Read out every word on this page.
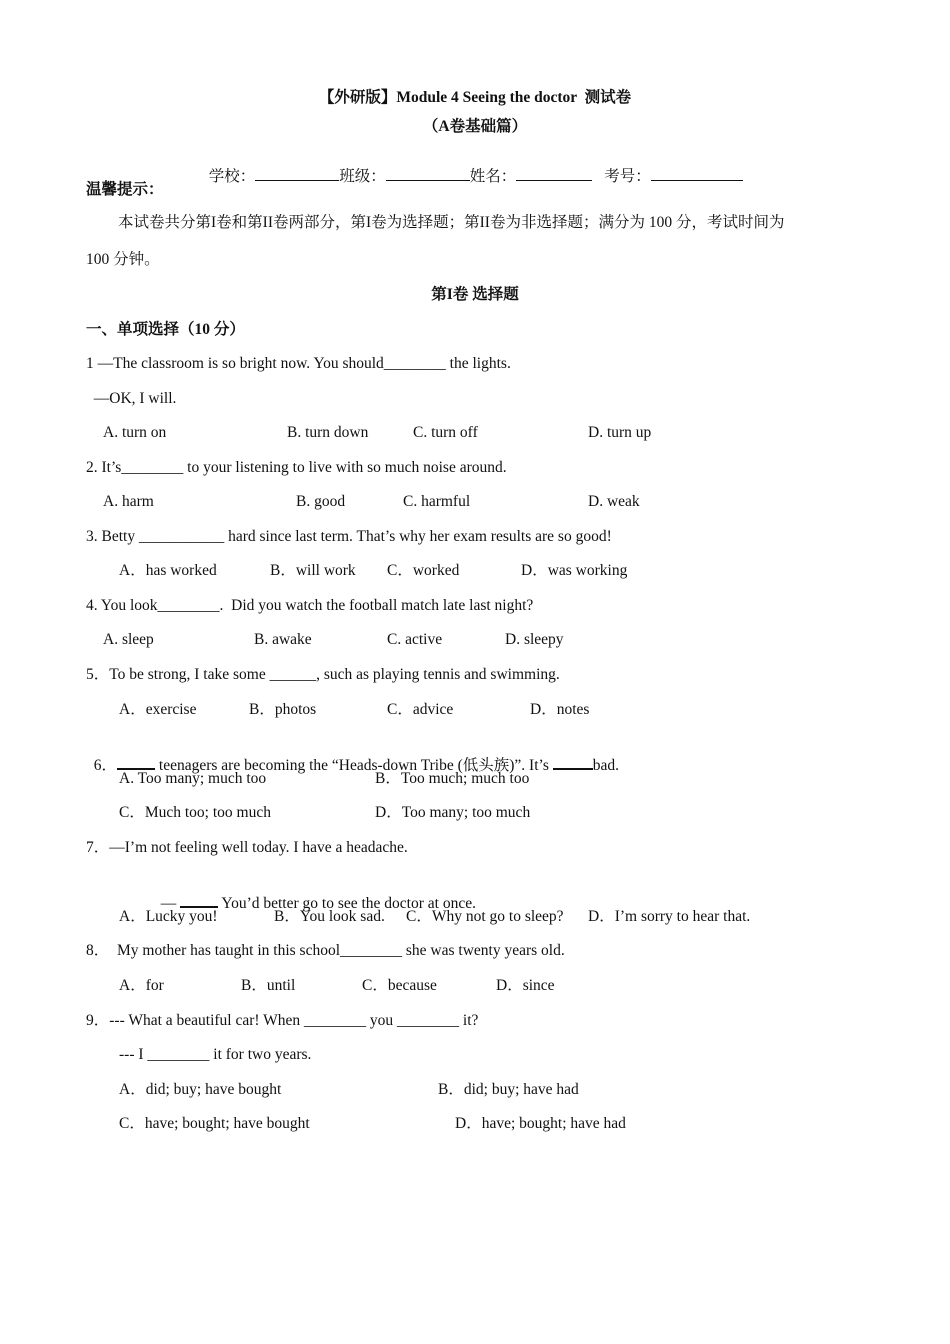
【外研版】Module 4 Seeing the doctor  测试卷
（A卷基础篇）

学校：	班级：	姓名：	考号：

温馨提示：
本试卷共分第I卷和第II卷两部分，第I卷为选择题；第II卷为非选择题；满分为 100 分，考试时间为
100 分钟。
第I卷 选择题
一、单项选择（10 分）
1 —The classroom is so bright now. You should________ the lights.
—OK, I will.
A. turn on	B. turn down	C. turn off	D. turn up
2. It’s________ to your listening to live with so much noise around.
A. harm	B. good	C. harmful	D. weak
3. Betty ___________ hard since last term. That’s why her exam results are so good!
A．has worked	B．will work C．worked	D．was working
4. You look________.  Did you watch the football match late last night?
A. sleep	B. awake	C. active	D. sleepy
5．To be strong, I take some ______, such as playing tennis and swimming.
A．exercise	B．photos	C．advice	D．notes

6． teenagers are becoming the “Heads-down Tribe (低头族)”. It’s	bad.

A. Too many; much too	B．Too much; much too
C．Much too; too much	D．Too many; too much
7．—I’m not feeling well today. I have a headache.

—  You’d better go to see the doctor at once.

A．Lucky you!	B．You look sad. C．Why not go to sleep? D．I’m sorry to hear that.
8．  My mother has taught in this school________ she was twenty years old.
A．for	B．until	C．because	D．since
9．--- What a beautiful car! When ________ you ________ it?
--- I ________ it for two years.
A．did; buy; have bought	B．did; buy; have had
C．have; bought; have bought	D．have; bought; have had
